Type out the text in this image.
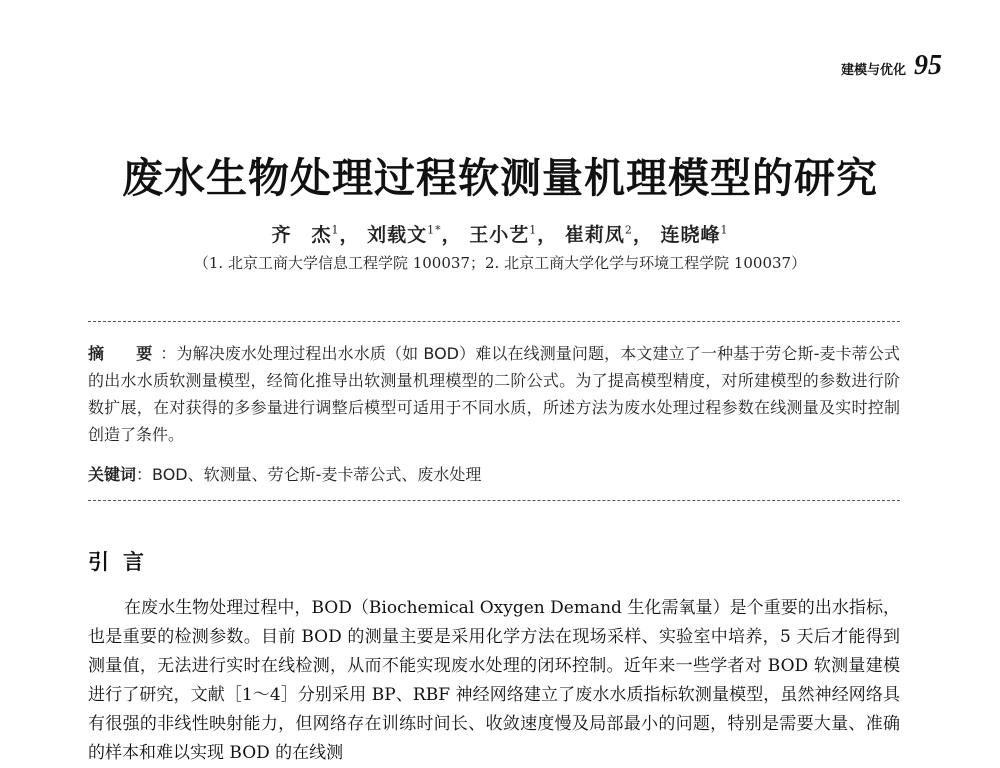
建模与优化 95
废水生物处理过程软测量机理模型的研究
齐　杰$^1$， 刘载文$^{1*}$， 王小艺$^1$， 崔莉凤$^2$， 连晓峰$^1$
（1. 北京工商大学信息工程学院 100037；2. 北京工商大学化学与环境工程学院 100037）
摘　要：为解决废水处理过程出水水质（如 BOD）难以在线测量问题，本文建立了一种基于劳仑斯-麦卡蒂公式的出水水质软测量模型，经简化推导出软测量机理模型的二阶公式。为了提高模型精度，对所建模型的参数进行阶数扩展，在对获得的多参量进行调整后模型可适用于不同水质，所述方法为废水处理过程参数在线测量及实时控制创造了条件。
关键词：BOD、软测量、劳仑斯-麦卡蒂公式、废水处理
引言
在废水生物处理过程中，BOD（Biochemical Oxygen Demand 生化需氧量）是个重要的出水指标，也是重要的检测参数。目前 BOD 的测量主要是采用化学方法在现场采样、实验室中培养，5 天后才能得到测量值，无法进行实时在线检测，从而不能实现废水处理的闭环控制。近年来一些学者对 BOD 软测量建模进行了研究，文献［1～4］分别采用 BP、RBF 神经网络建立了废水水质指标软测量模型，虽然神经网络具有很强的非线性映射能力，但网络存在训练时间长、收敛速度慢及局部最小的问题，特别是需要大量、准确的样本和难以实现 BOD 的在线测
